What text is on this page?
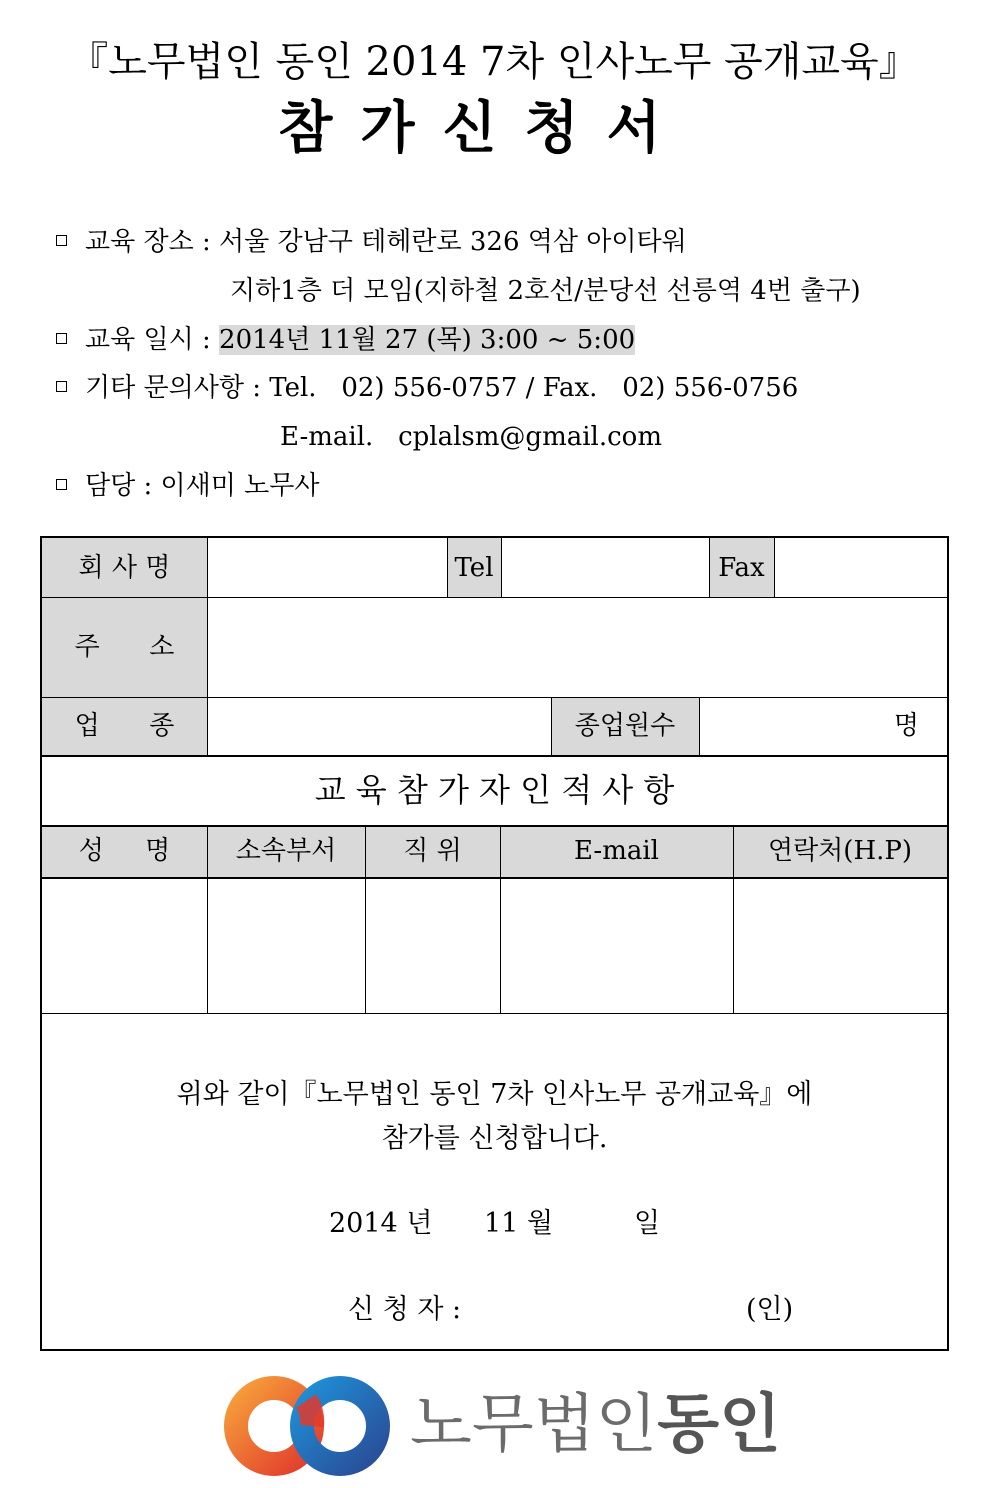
『노무법인 동인 2014 7차 인사노무 공개교육』
참가신청서
교육 장소 : 서울 강남구 테헤란로 326 역삼 아이타워
지하1층 더 모임(지하철 2호선/분당선 선릉역 4번 출구)
교육 일시 : 2014년 11월 27 (목) 3:00 ~ 5:00
기타 문의사항 : Tel.   02) 556-0757 / Fax.   02) 556-0756
E-mail.   cplalsm@gmail.com
담당 : 이새미 노무사
회 사 명	Tel	Fax
주      소
업      종	종업원수	명
교 육 참 가 자 인 적 사 항
성     명	소속부서	직 위	E-mail	연락처(H.P)
위와 같이『노무법인 동인 7차 인사노무 공개교육』에
참가를 신청합니다.
2014 년 11 월	일
신 청 자 :	(인)
노무법인동인
